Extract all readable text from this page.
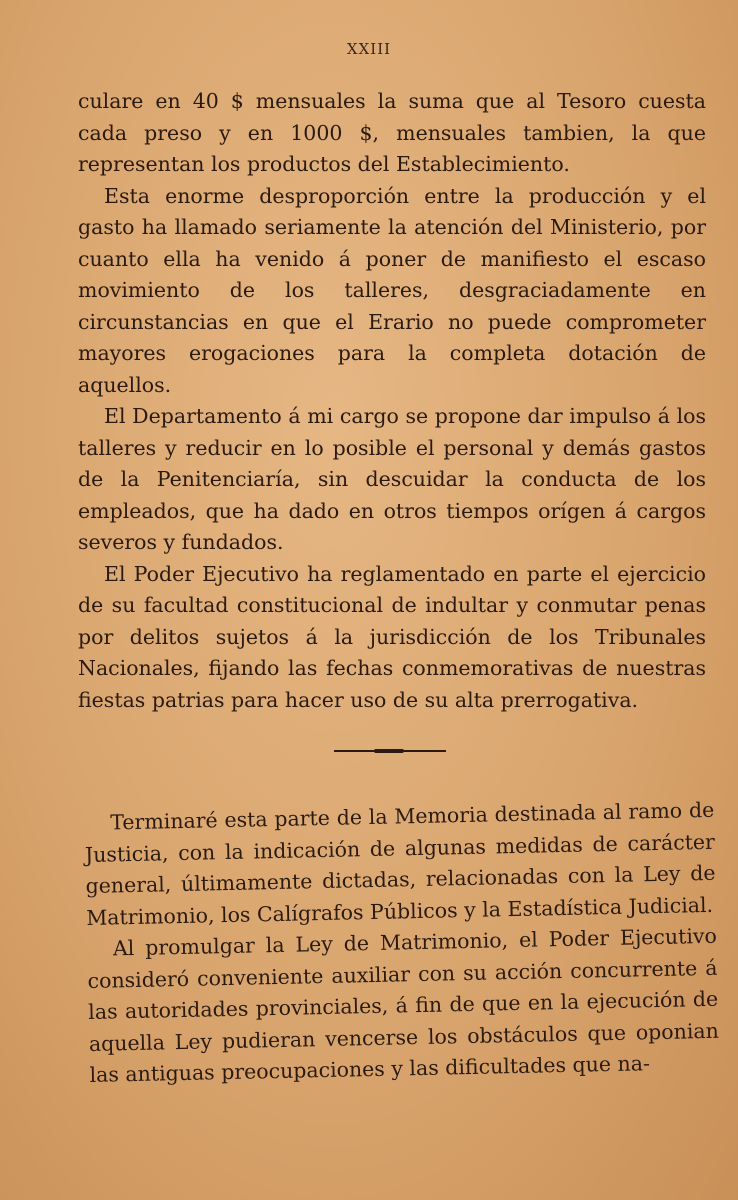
XXIII

culare en 40 $ mensuales la suma que al Tesoro cuesta cada preso y en 1000 $, mensuales tambien, la que representan los productos del Establecimiento.

Esta enorme desproporción entre la producción y el gasto ha llamado seriamente la atención del Ministerio, por cuanto ella ha venido á poner de manifiesto el escaso movimiento de los talleres, desgraciadamente en circunstancias en que el Erario no puede comprometer mayores erogaciones para la completa dotación de aquellos.

El Departamento á mi cargo se propone dar impulso á los talleres y reducir en lo posible el personal y demás gastos de la Penitenciaría, sin descuidar la conducta de los empleados, que ha dado en otros tiempos orígen á cargos severos y fundados.

El Poder Ejecutivo ha reglamentado en parte el ejercicio de su facultad constitucional de indultar y conmutar penas por delitos sujetos á la jurisdicción de los Tribunales Nacionales, fijando las fechas conmemorativas de nuestras fiestas patrias para hacer uso de su alta prerrogativa.

Terminaré esta parte de la Memoria destinada al ramo de Justicia, con la indicación de algunas medidas de carácter general, últimamente dictadas, relacionadas con la Ley de Matrimonio, los Calígrafos Públicos y la Estadística Judicial.

Al promulgar la Ley de Matrimonio, el Poder Ejecutivo consideró conveniente auxiliar con su acción concurrente á las autoridades provinciales, á fin de que en la ejecución de aquella Ley pudieran vencerse los obstáculos que oponian las antiguas preocupaciones y las dificultades que na-
